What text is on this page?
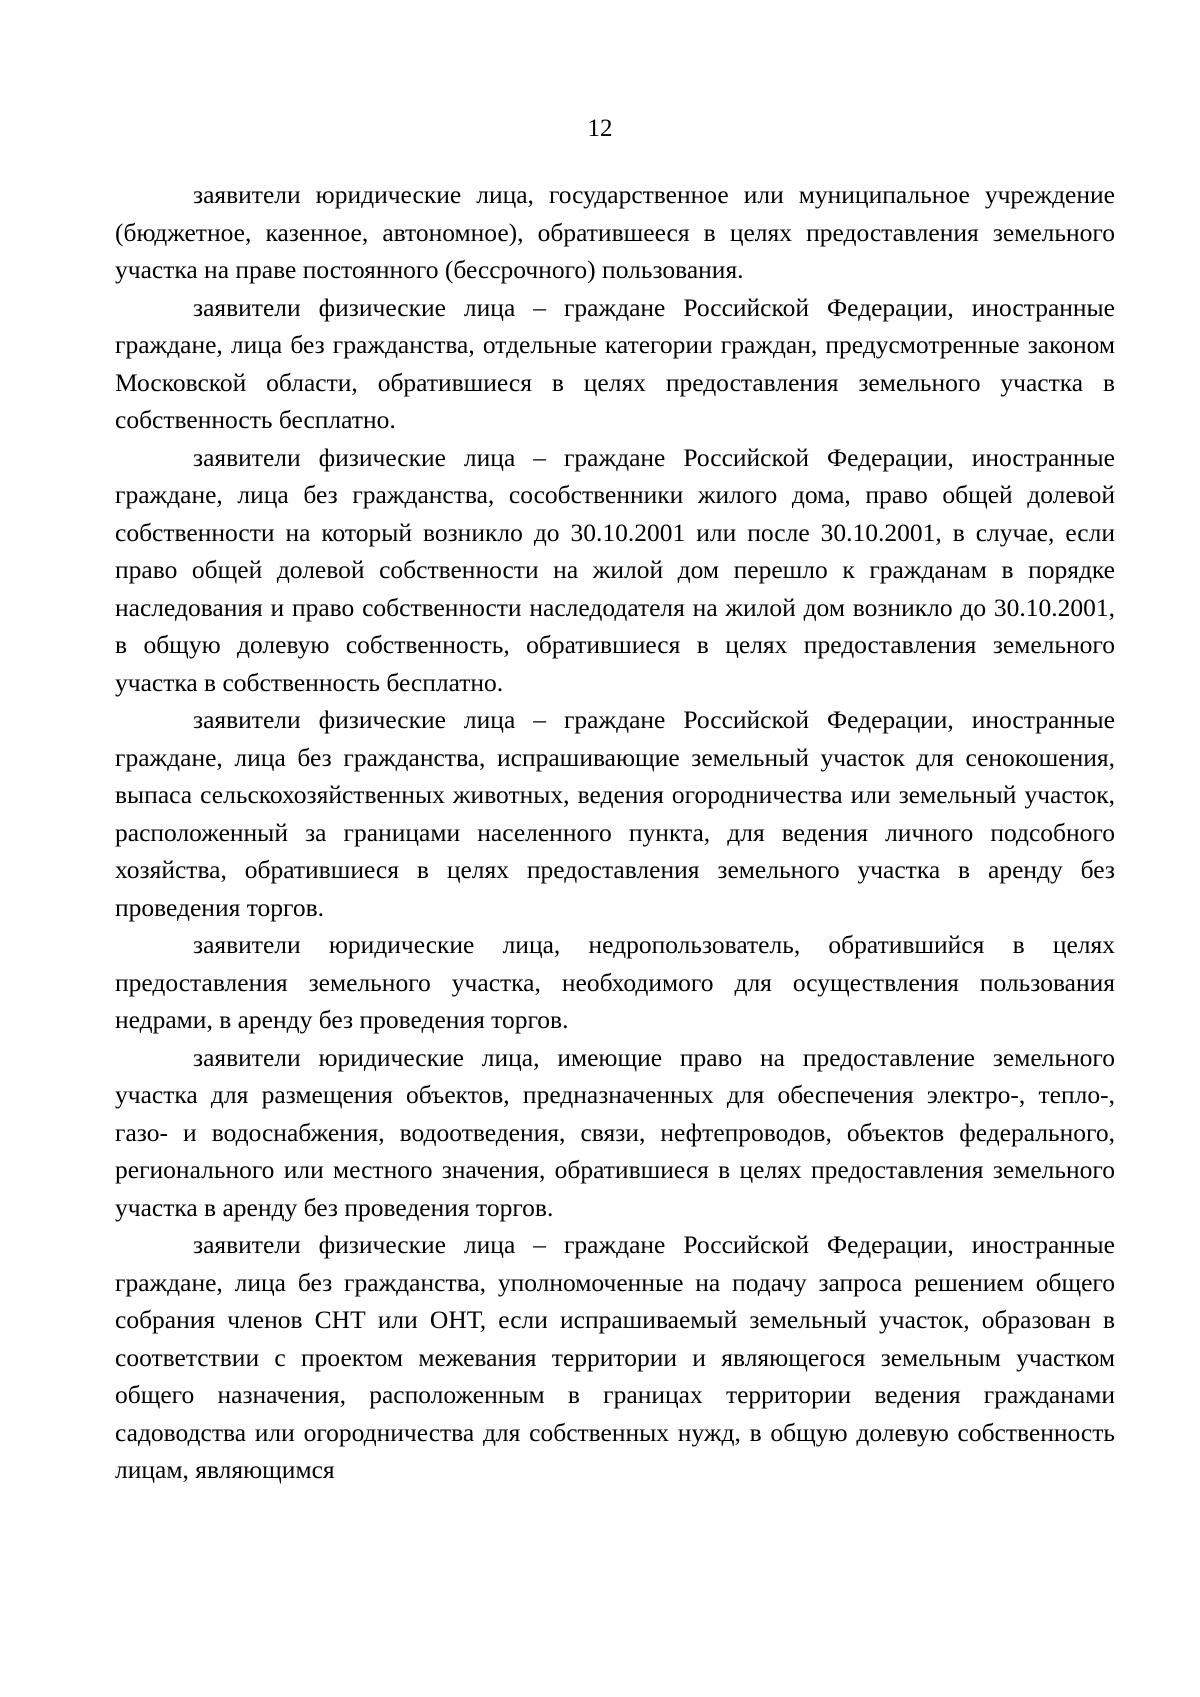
12

заявители юридические лица, государственное или муниципальное учреждение (бюджетное, казенное, автономное), обратившееся в целях предоставления земельного участка на праве постоянного (бессрочного) пользования.

заявители физические лица – граждане Российской Федерации, иностранные граждане, лица без гражданства, отдельные категории граждан, предусмотренные законом Московской области, обратившиеся в целях предоставления земельного участка в собственность бесплатно.

заявители физические лица – граждане Российской Федерации, иностранные граждане, лица без гражданства, сособственники жилого дома, право общей долевой собственности на который возникло до 30.10.2001 или после 30.10.2001, в случае, если право общей долевой собственности на жилой дом перешло к гражданам в порядке наследования и право собственности наследодателя на жилой дом возникло до 30.10.2001, в общую долевую собственность, обратившиеся в целях предоставления земельного участка в собственность бесплатно.

заявители физические лица – граждане Российской Федерации, иностранные граждане, лица без гражданства, испрашивающие земельный участок для сенокошения, выпаса сельскохозяйственных животных, ведения огородничества или земельный участок, расположенный за границами населенного пункта, для ведения личного подсобного хозяйства, обратившиеся в целях предоставления земельного участка в аренду без проведения торгов.

заявители юридические лица, недропользователь, обратившийся в целях предоставления земельного участка, необходимого для осуществления пользования недрами, в аренду без проведения торгов.

заявители юридические лица, имеющие право на предоставление земельного участка для размещения объектов, предназначенных для обеспечения электро-, тепло-, газо- и водоснабжения, водоотведения, связи, нефтепроводов, объектов федерального, регионального или местного значения, обратившиеся в целях предоставления земельного участка в аренду без проведения торгов.

заявители физические лица – граждане Российской Федерации, иностранные граждане, лица без гражданства, уполномоченные на подачу запроса решением общего собрания членов СНТ или ОНТ, если испрашиваемый земельный участок, образован в соответствии с проектом межевания территории и являющегося земельным участком общего назначения, расположенным в границах территории ведения гражданами садоводства или огородничества для собственных нужд, в общую долевую собственность лицам, являющимся
